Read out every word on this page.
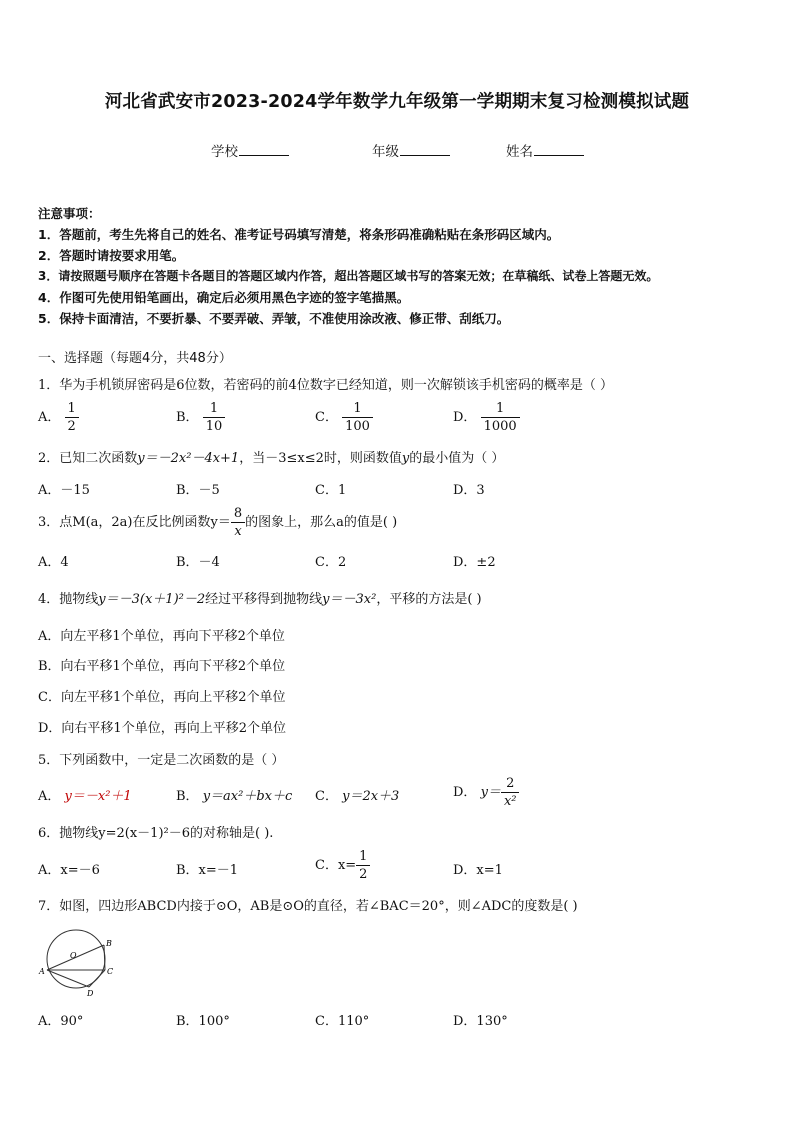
河北省武安市2023-2024学年数学九年级第一学期期末复习检测模拟试题
学校	年级	姓名
注意事项：
1．答题前，考生先将自己的姓名、准考证号码填写清楚，将条形码准确粘贴在条形码区域内。
2．答题时请按要求用笔。
3．请按照题号顺序在答题卡各题目的答题区域内作答，超出答题区域书写的答案无效；在草稿纸、试卷上答题无效。
4．作图可先使用铅笔画出，确定后必须用黑色字迹的签字笔描黑。
5．保持卡面清洁，不要折暴、不要弄破、弄皱，不准使用涂改液、修正带、刮纸刀。
一、选择题（每题4分，共48分）
1．华为手机锁屏密码是6位数，若密码的前4位数字已经知道，则一次解锁该手机密码的概率是（ ）
A． $\frac{1}{2}$	B． $\frac{1}{10}$	C． $\frac{1}{100}$	D． $\frac{1}{1000}$
2．已知二次函数y＝－2x²－4x+1，当－3≤x≤2时，则函数值y的最小值为（ ）
A．－15	B．－5	C．1	D．3
3．点M(a，2a)在反比例函数$y= \frac{8}{x}$ 的图象上，那么a的值是( )
A．4	B．－4	C．2	D．±2
4．抛物线y＝－3(x＋1)²－2经过平移得到抛物线y＝－3x²，平移的方法是( )
A．向左平移1个单位，再向下平移2个单位
B．向右平移1个单位，再向下平移2个单位
C．向左平移1个单位，再向上平移2个单位
D．向右平移1个单位，再向上平移2个单位
5．下列函数中，一定是二次函数的是（ ）
A． y＝－x²＋1	B． y＝ax²＋bx＋c C． y＝2x＋3	D． $y= \frac{2}{\text{x²}}$
6．抛物线y=2(x－1)²－6的对称轴是( ).
A．x=－6	B．x=－1	C．$x= \frac{1}{2}$	D．x=1
7．如图，四边形ABCD内接于⊙O，AB是⊙O的直径，若∠BAC＝20°，则∠ADC的度数是( )
A
B
C
D
O
A．90°	B．100°	C．110°	D．130°
